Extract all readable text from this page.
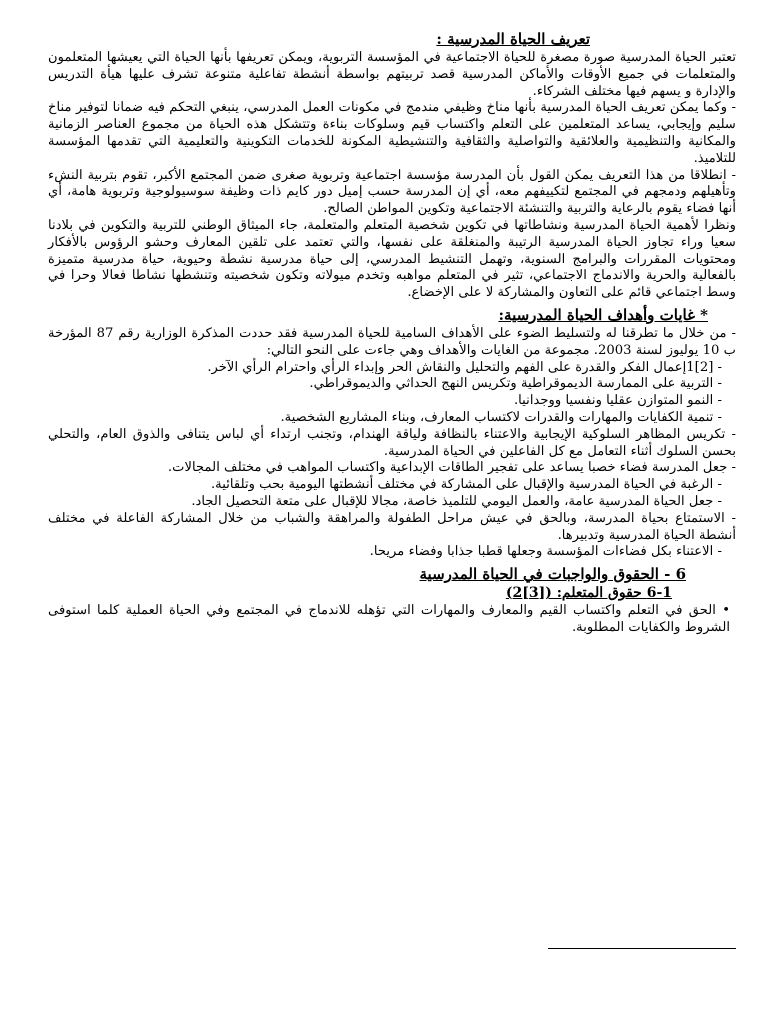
تعريف الحياة المدرسية :

تعتبر الحياة المدرسية صورة مصغرة للحياة الاجتماعية في المؤسسة التربوية، ويمكن تعريفها بأنها الحياة التي يعيشها المتعلمون والمتعلمات في جميع الأوقات والأماكن المدرسية قصد تربيتهم بواسطة أنشطة تفاعلية متنوعة تشرف عليها هيأة التدريس والإدارة و يسهم فيها مختلف الشركاء.

- وكما يمكن تعريف الحياة المدرسية بأنها مناخ وظيفي مندمج في مكونات العمل المدرسي، ينبغي التحكم فيه ضمانا لتوفير مناخ سليم وإيجابي، يساعد المتعلمين على التعلم واكتساب قيم وسلوكات بناءة وتتشكل هذه الحياة من مجموع العناصر الزمانية والمكانية والتنظيمية والعلائقية والتواصلية والثقافية والتنشيطية المكونة للخدمات التكوينية والتعليمية التي تقدمها المؤسسة للتلاميذ.

- انطلاقا من هذا التعريف يمكن القول بأن المدرسة مؤسسة اجتماعية وتربوية صغرى ضمن المجتمع الأكبر، تقوم بتربية النشء وتأهيلهم ودمجهم في المجتمع لتكييفهم معه، أي إن المدرسة حسب إميل دور كايم ذات وظيفة سوسيولوجية وتربوية هامة، أي أنها فضاء يقوم بالرعاية والتربية والتنشئة الاجتماعية وتكوين المواطن الصالح.

ونظرا لأهمية الحياة المدرسية ونشاطاتها في تكوين شخصية المتعلم والمتعلمة، جاء الميثاق الوطني للتربية والتكوين في بلادنا سعيا وراء تجاوز الحياة المدرسية الرتيبة والمنغلقة على نفسها، والتي تعتمد على تلقين المعارف وحشو الرؤوس بالأفكار ومحتويات المقررات والبرامج السنوية، وتهمل التنشيط المدرسي، إلى حياة مدرسية نشطة وحيوية، حياة مدرسية متميزة بالفعالية والحرية والاندماج الاجتماعي، تثير في المتعلم مواهبه وتخدم ميولاته وتكون شخصيته وتنشطها نشاطا فعالا وحرا في وسط اجتماعي قائم على التعاون والمشاركة لا على الإخضاع.

* غايات وأهداف الحياة المدرسية:

- من خلال ما تطرقنا له ولتسليط الضوء على الأهداف السامية للحياة المدرسية فقد حددت المذكرة الوزارية رقم 87 المؤرخة ب 10 يوليوز لسنة 2003. مجموعة من الغايات والأهداف وهي جاءت على النحو التالي:

- [2]1إعمال الفكر والقدرة على الفهم والتحليل والنقاش الحر وإبداء الرأي واحترام الرأي الآخر.

- التربية على الممارسة الديموقراطية وتكريس النهج الحداثي والديموقراطي.

- النمو المتوازن عقليا ونفسيا ووجدانيا.

- تنمية الكفايات والمهارات والقدرات لاكتساب المعارف، وبناء المشاريع الشخصية.

- تكريس المظاهر السلوكية الإيجابية والاعتناء بالنظافة ولياقة الهندام، وتجنب ارتداء أي لباس يتنافى والذوق العام، والتحلي بحسن السلوك أثناء التعامل مع كل الفاعلين في الحياة المدرسية.

- جعل المدرسة فضاء خصبا يساعد على تفجير الطاقات الإبداعية واكتساب المواهب في مختلف المجالات.

- الرغبة في الحياة المدرسية والإقبال على المشاركة في مختلف أنشطتها اليومية بحب وتلقائية.

- جعل الحياة المدرسية عامة، والعمل اليومي للتلميذ خاصة، مجالا للإقبال على متعة التحصيل الجاد.

- الاستمتاع بحياة المدرسة، وبالحق في عيش مراحل الطفولة والمراهقة والشباب من خلال المشاركة الفاعلة في مختلف أنشطة الحياة المدرسية وتدبيرها.

- الاعتناء بكل فضاءات المؤسسة وجعلها قطبا جذابا وفضاء مريحا.

6 - الحقوق والواجبات في الحياة المدرسية
6-1 حقوق المتعلم: ([3]2)

• الحق في التعلم واكتساب القيم والمعارف والمهارات التي تؤهله للاندماج في المجتمع وفي الحياة العملية كلما استوفى الشروط والكفايات المطلوبة.
